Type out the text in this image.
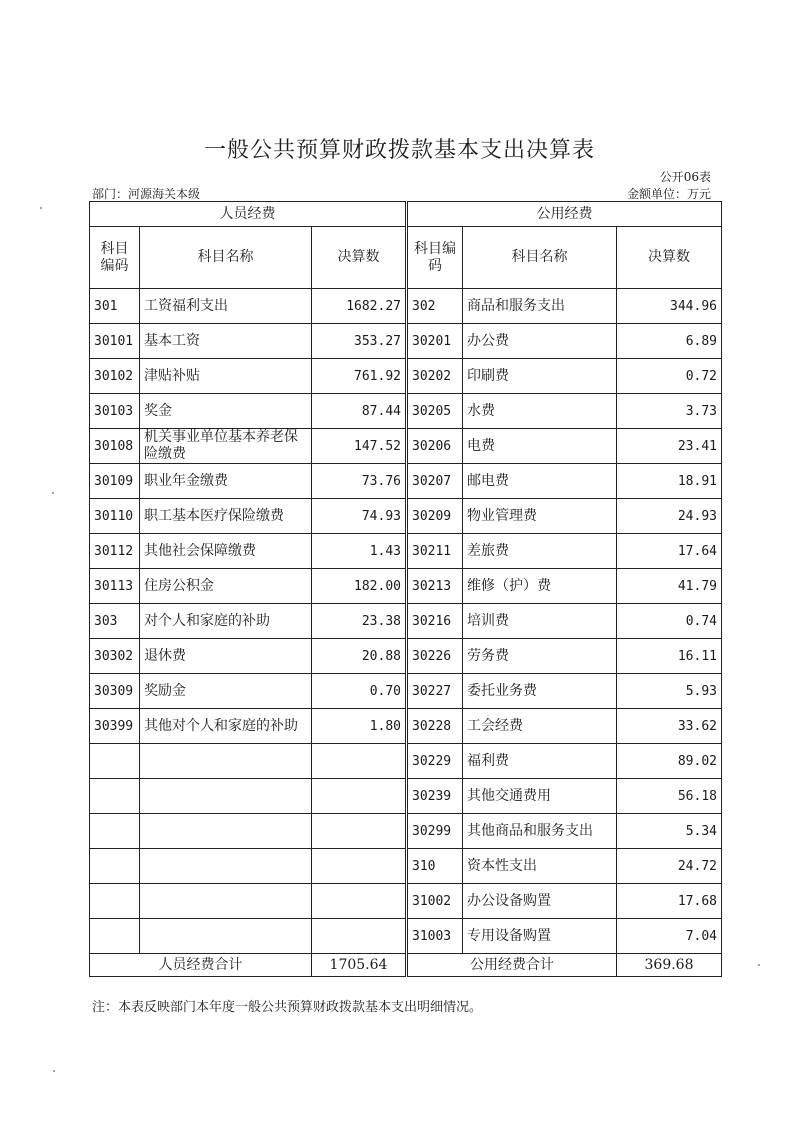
一般公共预算财政拨款基本支出决算表
公开06表
部门：河源海关本级	金额单位：万元
人员经费			公用经费		
科目编码	科目名称	决算数	科目编码	科目名称	决算数
301	工资福利支出	1682.27	302	商品和服务支出	344.96
30101	基本工资	353.27	30201	办公费	6.89
30102	津贴补贴	761.92	30202	印刷费	0.72
30103	奖金	87.44	30205	水费	3.73
30108	机关事业单位基本养老保险缴费	147.52	30206	电费	23.41
30109	职业年金缴费	73.76	30207	邮电费	18.91
30110	职工基本医疗保险缴费	74.93	30209	物业管理费	24.93
30112	其他社会保障缴费	1.43	30211	差旅费	17.64
30113	住房公积金	182.00	30213	维修（护）费	41.79
303	对个人和家庭的补助	23.38	30216	培训费	0.74
30302	退休费	20.88	30226	劳务费	16.11
30309	奖励金	0.70	30227	委托业务费	5.93
30399	其他对个人和家庭的补助	1.80	30228	工会经费	33.62
			30229	福利费	89.02
			30239	其他交通费用	56.18
			30299	其他商品和服务支出	5.34
			310	资本性支出	24.72
			31002	办公设备购置	17.68
			31003	专用设备购置	7.04
人员经费合计		1705.64	公用经费合计		369.68
注：本表反映部门本年度一般公共预算财政拨款基本支出明细情况。
